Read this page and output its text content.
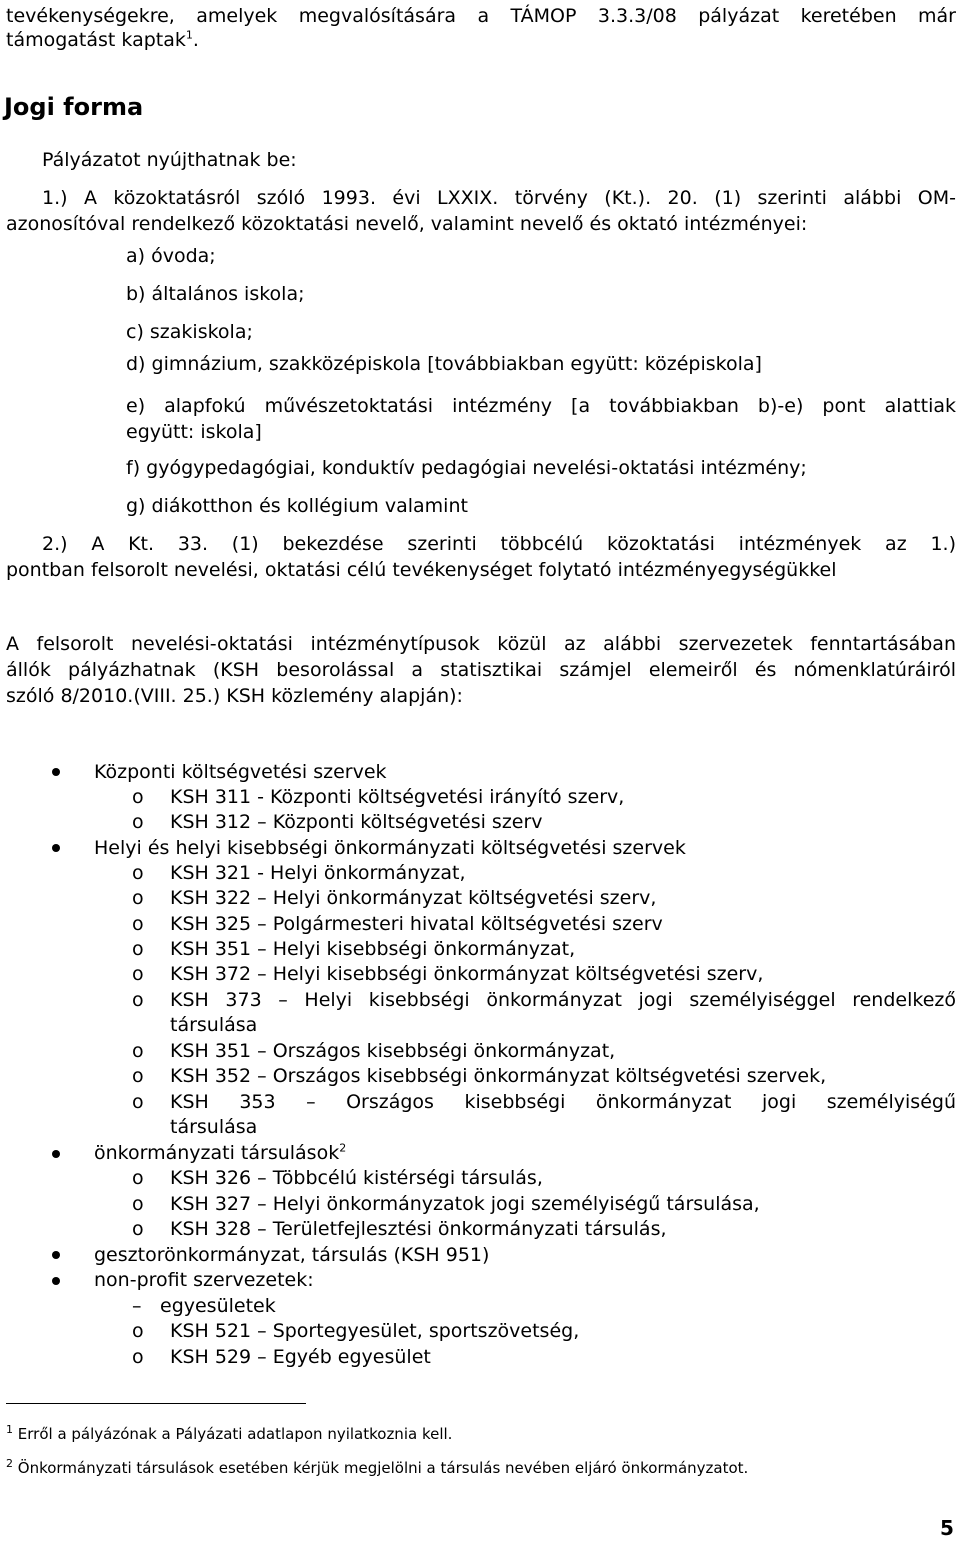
tevékenységekre, amelyek megvalósítására a TÁMOP 3.3.3/08 pályázat keretében már
támogatást kaptak$^1$.
Jogi forma
Pályázatot nyújthatnak be:
1.) A közoktatásról szóló 1993. évi LXXIX. törvény (Kt.). 20. (1) szerinti alábbi OM-
azonosítóval rendelkező közoktatási nevelő, valamint nevelő és oktató intézményei:
a) óvoda;
b) általános iskola;
c) szakiskola;
d) gimnázium, szakközépiskola [továbbiakban együtt: középiskola]
e) alapfokú művészetoktatási intézmény [a továbbiakban b)-e) pont alattiak
együtt: iskola]
f) gyógypedagógiai, konduktív pedagógiai nevelési-oktatási intézmény;
g) diákotthon és kollégium valamint
2.) A Kt. 33. (1) bekezdése szerinti többcélú közoktatási intézmények az 1.)
pontban felsorolt nevelési, oktatási célú tevékenységet folytató intézményegységükkel
A felsorolt nevelési-oktatási intézménytípusok közül az alábbi szervezetek fenntartásában
állók pályázhatnak (KSH besorolással a statisztikai számjel elemeiről és nómenklatúráiról
szóló 8/2010.(VIII. 25.) KSH közlemény alapján):
Központi költségvetési szervek
o KSH 311 - Központi költségvetési irányító szerv,
o KSH 312 – Központi költségvetési szerv
Helyi és helyi kisebbségi önkormányzati költségvetési szervek
o KSH 321 - Helyi önkormányzat,
o KSH 322 – Helyi önkormányzat költségvetési szerv,
o KSH 325 – Polgármesteri hivatal költségvetési szerv
o KSH 351 – Helyi kisebbségi önkormányzat,
o KSH 372 – Helyi kisebbségi önkormányzat költségvetési szerv,
o KSH 373 – Helyi kisebbségi önkormányzat jogi személyiséggel rendelkező
társulása
o KSH 351 – Országos kisebbségi önkormányzat,
o KSH 352 – Országos kisebbségi önkormányzat költségvetési szervek,
o KSH 353 – Országos kisebbségi önkormányzat jogi személyiségű
társulása
önkormányzati társulások$^2$
o KSH 326 – Többcélú kistérségi társulás,
o KSH 327 – Helyi önkormányzatok jogi személyiségű társulása,
o KSH 328 – Területfejlesztési önkormányzati társulás,
gesztorönkormányzat, társulás (KSH 951)
non-profit szervezetek:
– egyesületek
o KSH 521 – Sportegyesület, sportszövetség,
o KSH 529 – Egyéb egyesület
$^1$ Erről a pályázónak a Pályázati adatlapon nyilatkoznia kell.
$^2$ Önkormányzati társulások esetében kérjük megjelölni a társulás nevében eljáró önkormányzatot.
5
